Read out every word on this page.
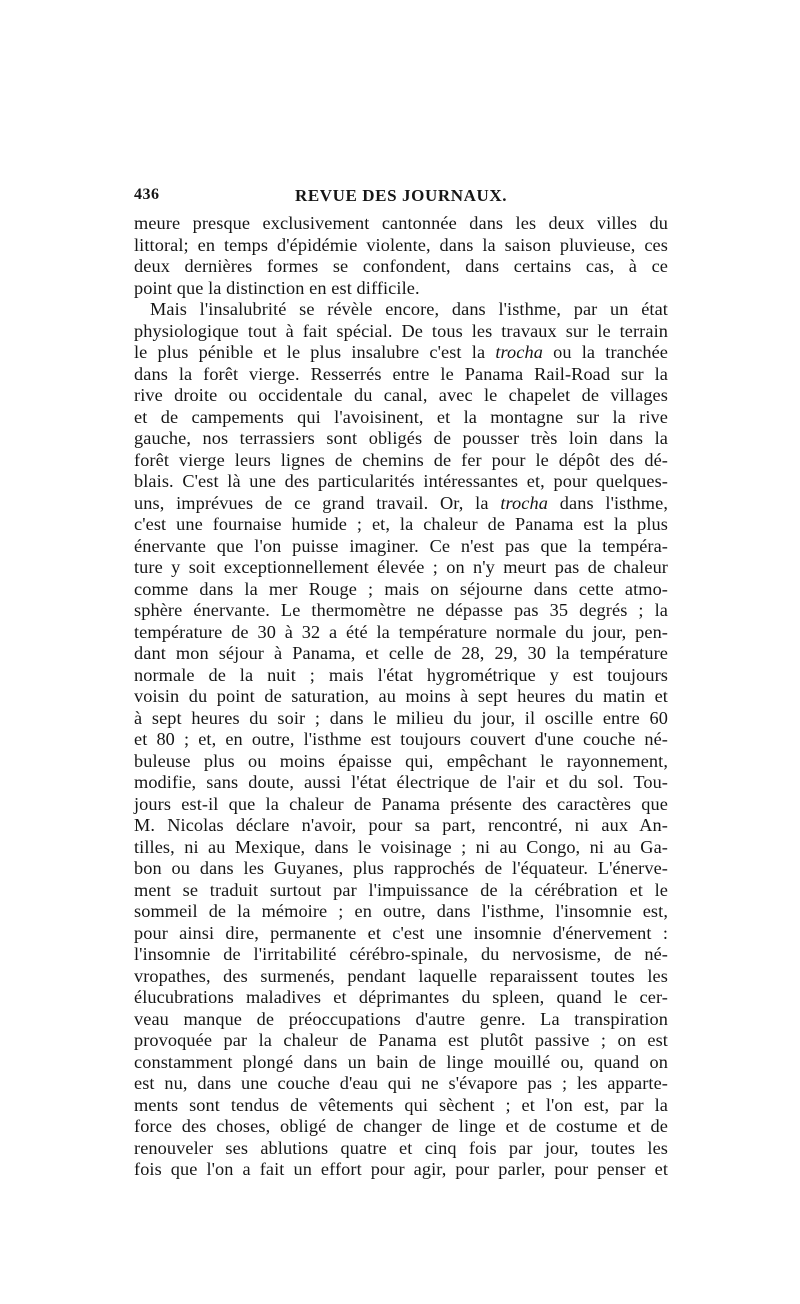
436	REVUE DES JOURNAUX.
meure presque exclusivement cantonnée dans les deux villes du
littoral; en temps d'épidémie violente, dans la saison pluvieuse, ces
deux dernières formes se confondent, dans certains cas, à ce
point que la distinction en est difficile.
Mais l'insalubrité se révèle encore, dans l'isthme, par un état
physiologique tout à fait spécial. De tous les travaux sur le terrain
le plus pénible et le plus insalubre c'est la trocha ou la tranchée
dans la forêt vierge. Resserrés entre le Panama Rail-Road sur la
rive droite ou occidentale du canal, avec le chapelet de villages
et de campements qui l'avoisinent, et la montagne sur la rive
gauche, nos terrassiers sont obligés de pousser très loin dans la
forêt vierge leurs lignes de chemins de fer pour le dépôt des dé-
blais. C'est là une des particularités intéressantes et, pour quelques-
uns, imprévues de ce grand travail. Or, la trocha dans l'isthme,
c'est une fournaise humide ; et, la chaleur de Panama est la plus
énervante que l'on puisse imaginer. Ce n'est pas que la tempéra-
ture y soit exceptionnellement élevée ; on n'y meurt pas de chaleur
comme dans la mer Rouge ; mais on séjourne dans cette atmo-
sphère énervante. Le thermomètre ne dépasse pas 35 degrés ; la
température de 30 à 32 a été la température normale du jour, pen-
dant mon séjour à Panama, et celle de 28, 29, 30 la température
normale de la nuit ; mais l'état hygrométrique y est toujours
voisin du point de saturation, au moins à sept heures du matin et
à sept heures du soir ; dans le milieu du jour, il oscille entre 60
et 80 ; et, en outre, l'isthme est toujours couvert d'une couche né-
buleuse plus ou moins épaisse qui, empêchant le rayonnement,
modifie, sans doute, aussi l'état électrique de l'air et du sol. Tou-
jours est-il que la chaleur de Panama présente des caractères que
M. Nicolas déclare n'avoir, pour sa part, rencontré, ni aux An-
tilles, ni au Mexique, dans le voisinage ; ni au Congo, ni au Ga-
bon ou dans les Guyanes, plus rapprochés de l'équateur. L'énerve-
ment se traduit surtout par l'impuissance de la cérébration et le
sommeil de la mémoire ; en outre, dans l'isthme, l'insomnie est,
pour ainsi dire, permanente et c'est une insomnie d'énervement :
l'insomnie de l'irritabilité cérébro-spinale, du nervosisme, de né-
vropathes, des surmenés, pendant laquelle reparaissent toutes les
élucubrations maladives et déprimantes du spleen, quand le cer-
veau manque de préoccupations d'autre genre. La transpiration
provoquée par la chaleur de Panama est plutôt passive ; on est
constamment plongé dans un bain de linge mouillé ou, quand on
est nu, dans une couche d'eau qui ne s'évapore pas ; les apparte-
ments sont tendus de vêtements qui sèchent ; et l'on est, par la
force des choses, obligé de changer de linge et de costume et de
renouveler ses ablutions quatre et cinq fois par jour, toutes les
fois que l'on a fait un effort pour agir, pour parler, pour penser et
